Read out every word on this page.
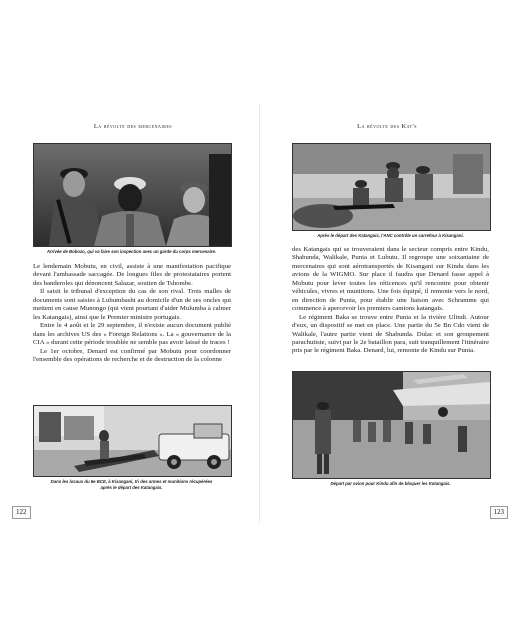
La révolte des mercenaires
Arrivée de Bobozo, qui va faire son inspection avec un garde du corps mercenaire.

Le lendemain Mobutu, en civil, assiste à une manifestation pacifique devant l'ambassade saccagée. De longues files de protestataires portent des banderoles qui dénoncent Salazar, soutien de Tshombe.

Il saisit le tribunal d'exception du cas de son rival. Trois malles de documents sont saisies à Lubumbashi au domicile d'un de ses oncles qui mettent en cause Munongo (qui vient pourtant d'aider Mulumba à calmer les Katangais), ainsi que le Premier ministre portugais.

Entre le 4 août et le 29 septembre, il n'existe aucun document publié dans les archives US des « Foreign Relations ». La « gouvernance de la CIA » durant cette période troublée ne semble pas avoir laissé de traces !

Le 1er octobre, Denard est confirmé par Mobutu pour coordonner l'ensemble des opérations de recherche et de destruction de la colonne

Dans les locaux du 6e BCE, à Kisangani, tri des armes et munitions récupérées après le départ des Katangais.
122
La révolte des Kat's
Après le départ des Katangais, l'ANC contrôle un carrefour à Kisangani.

des Katangais qui se trouveraient dans le secteur compris entre Kindu, Shabunda, Walikale, Punia et Lubutu. Il regroupe une soixantaine de mercenaires qui sont aérotransportés de Kisangani sur Kindu dans les avions de la WIGMO. Sur place il faudra que Denard fasse appel à Mobutu pour lever toutes les réticences qu'il rencontre pour obtenir véhicules, vivres et munitions. Une fois équipé, il remonte vers le nord, en direction de Punia, pour établir une liaison avec Schramme qui commence à apercevoir les premiers camions katangais.

Le régiment Baka se trouve entre Punia et la rivière Ulindi. Autour d'eux, un dispositif se met en place. Une partie du 5e Bn Cdo vient de Walikale, l'autre partie vient de Shabunda. Dulac et son groupement parachutiste, suivi par le 2e bataillon para, suit tranquillement l'itinéraire pris par le régiment Baka. Denard, lui, remonte de Kindu sur Punia.

Départ par avion pour Kindu afin de bloquer les Katangais.
123
